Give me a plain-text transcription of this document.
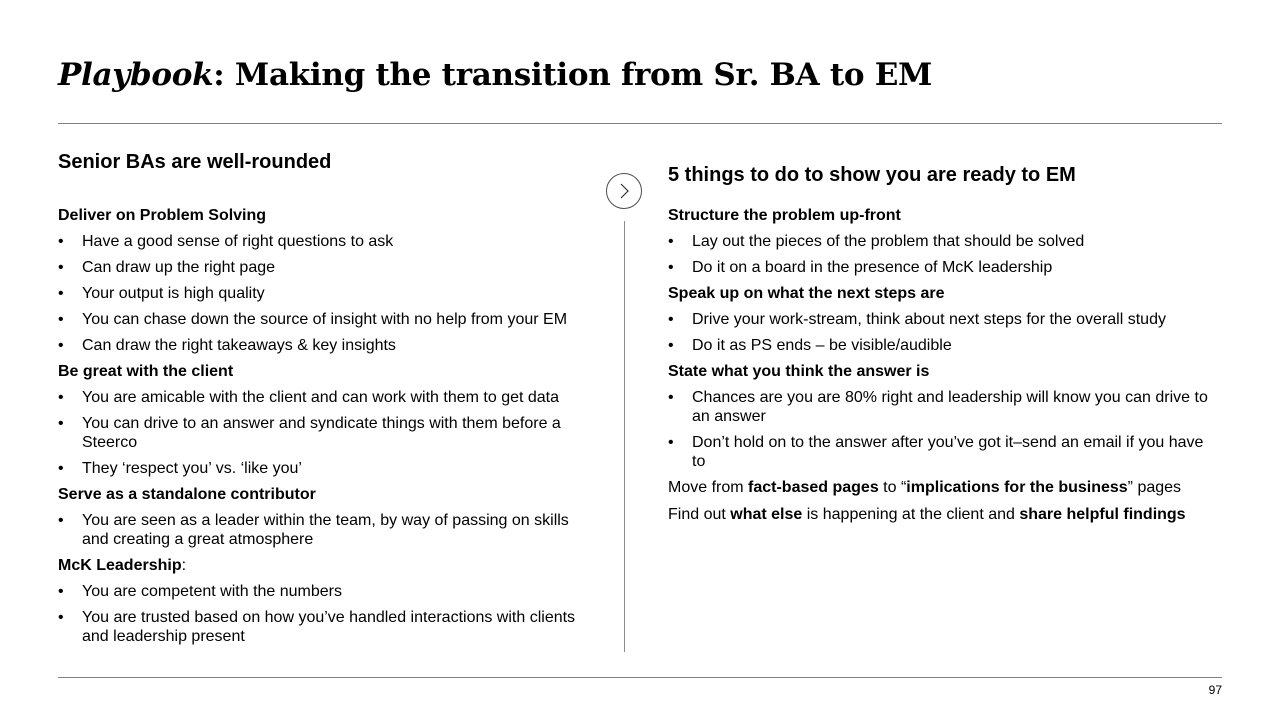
Playbook: Making the transition from Sr. BA to EM
Senior BAs are well-rounded
Deliver on Problem Solving
• Have a good sense of right questions to ask
• Can draw up the right page
• Your output is high quality
• You can chase down the source of insight with no help from your EM
• Can draw the right takeaways & key insights
Be great with the client
• You are amicable with the client and can work with them to get data
• You can drive to an answer and syndicate things with them before a Steerco
• They ‘respect you’ vs. ‘like you’
Serve as a standalone contributor
• You are seen as a leader within the team, by way of passing on skills and creating a great atmosphere
McK Leadership:
• You are competent with the numbers
• You are trusted based on how you’ve handled interactions with clients and leadership present
5 things to do to show you are ready to EM
Structure the problem up-front
• Lay out the pieces of the problem that should be solved
• Do it on a board in the presence of McK leadership
Speak up on what the next steps are
• Drive your work-stream, think about next steps for the overall study
• Do it as PS ends – be visible/audible
State what you think the answer is
• Chances are you are 80% right and leadership will know you can drive to an answer
• Don’t hold on to the answer after you’ve got it–send an email if you have to

Move from fact-based pages to “implications for the business” pages

Find out what else is happening at the client and share helpful findings

97
